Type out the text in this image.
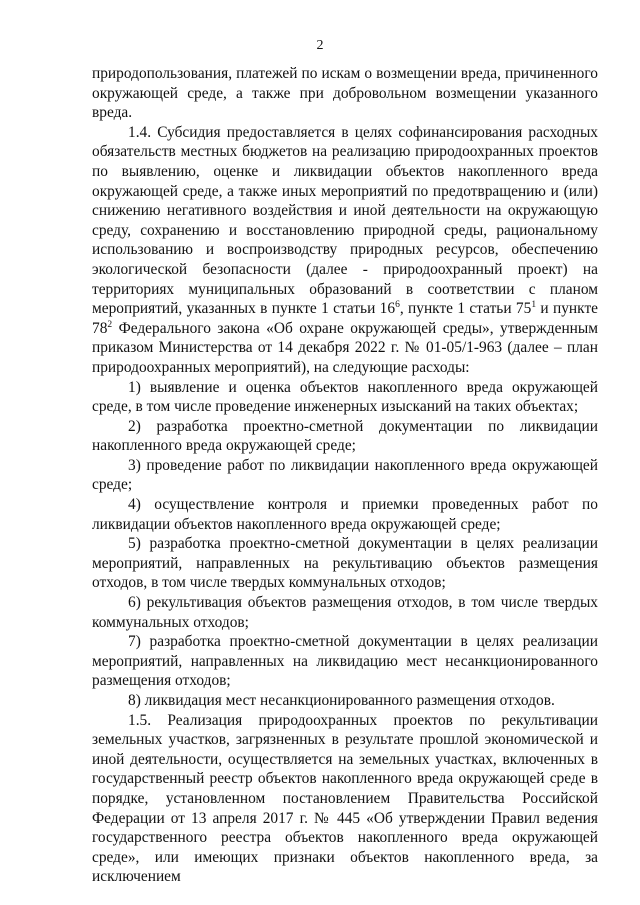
2

природопользования, платежей по искам о возмещении вреда, причиненного окружающей среде, а также при добровольном возмещении указанного вреда.

1.4. Субсидия предоставляется в целях софинансирования расходных обязательств местных бюджетов на реализацию природоохранных проектов по выявлению, оценке и ликвидации объектов накопленного вреда окружающей среде, а также иных мероприятий по предотвращению и (или) снижению негативного воздействия и иной деятельности на окружающую среду, сохранению и восстановлению природной среды, рациональному использованию и воспроизводству природных ресурсов, обеспечению экологической безопасности (далее - природоохранный проект) на территориях муниципальных образований в соответствии с планом мероприятий, указанных в пункте 1 статьи $16^6$, пункте 1 статьи $75^1$ и пункте $78^2$ Федерального закона «Об охране окружающей среды», утвержденным приказом Министерства от 14 декабря 2022 г. № 01-05/1-963 (далее – план природоохранных мероприятий), на следующие расходы:

1) выявление и оценка объектов накопленного вреда окружающей среде, в том числе проведение инженерных изысканий на таких объектах;

2) разработка проектно-сметной документации по ликвидации накопленного вреда окружающей среде;

3) проведение работ по ликвидации накопленного вреда окружающей среде;

4) осуществление контроля и приемки проведенных работ по ликвидации объектов накопленного вреда окружающей среде;

5) разработка проектно-сметной документации в целях реализации мероприятий, направленных на рекультивацию объектов размещения отходов, в том числе твердых коммунальных отходов;

6) рекультивация объектов размещения отходов, в том числе твердых коммунальных отходов;

7) разработка проектно-сметной документации в целях реализации мероприятий, направленных на ликвидацию мест несанкционированного размещения отходов;

8) ликвидация мест несанкционированного размещения отходов.

1.5. Реализация природоохранных проектов по рекультивации земельных участков, загрязненных в результате прошлой экономической и иной деятельности, осуществляется на земельных участках, включенных в государственный реестр объектов накопленного вреда окружающей среде в порядке, установленном постановлением Правительства Российской Федерации от 13 апреля 2017 г. № 445 «Об утверждении Правил ведения государственного реестра объектов накопленного вреда окружающей среде», или имеющих признаки объектов накопленного вреда, за исключением
